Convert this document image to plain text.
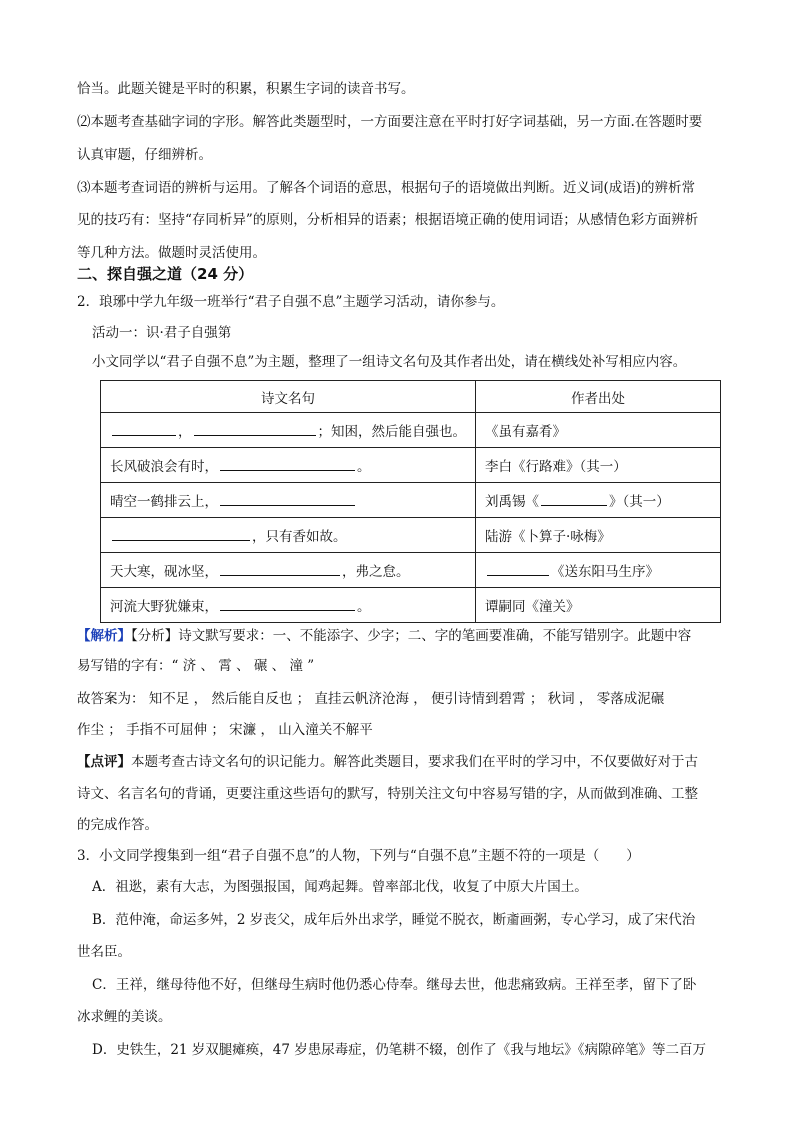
恰当。此题关键是平时的积累，积累生字词的读音书写。
⑵本题考查基础字词的字形。解答此类题型时，一方面要注意在平时打好字词基础，另一方面.在答题时要
认真审题，仔细辨析。
⑶本题考查词语的辨析与运用。了解各个词语的意思，根据句子的语境做出判断。近义词(成语)的辨析常
见的技巧有：坚持“存同析异”的原则，分析相异的语素；根据语境正确的使用词语；从感情色彩方面辨析
等几种方法。做题时灵活使用。
二、探自强之道（24 分）
2．琅琊中学九年级一班举行“君子自强不息”主题学习活动，请你参与。
活动一：识·君子自强第
小文同学以“君子自强不息”为主题，整理了一组诗文名句及其作者出处，请在横线处补写相应内容。
诗文名句	作者出处
， ；知困，然后能自强也。	《虽有嘉肴》
长风破浪会有时， 。	李白《行路难》（其一）
晴空一鹤排云上，	刘禹锡《 》（其一）
，只有香如故。	陆游《卜算子·咏梅》
天大寒，砚冰坚， ，弗之怠。	《送东阳马生序》
河流大野犹嫌束， 。	谭嗣同《潼关》
【解析】【分析】诗文默写要求：一、不能添字、少字；二、字的笔画要准确，不能写错别字。此题中容
易写错的字有：“ 济 、 霄 、 碾 、 潼 ”
故答案为： 知不足 ， 然后能自反也 ； 直挂云帆济沧海 ， 便引诗情到碧霄 ； 秋词 ， 零落成泥碾
作尘 ； 手指不可屈伸 ； 宋濂 ， 山入潼关不解平
【点评】本题考查古诗文名句的识记能力。解答此类题目，要求我们在平时的学习中，不仅要做好对于古
诗文、名言名句的背诵，更要注重这些语句的默写，特别关注文句中容易写错的字，从而做到准确、工整
的完成作答。
3．小文同学搜集到一组“君子自强不息”的人物，下列与“自强不息”主题不符的一项是（　　）
A．祖逖，素有大志，为图强报国，闻鸡起舞。曾率部北伐，收复了中原大片国土。
B．范仲淹，命运多舛，2 岁丧父，成年后外出求学，睡觉不脱衣，断齑画粥，专心学习，成了宋代治
世名臣。
C．王祥，继母待他不好，但继母生病时他仍悉心侍奉。继母去世，他悲痛致病。王祥至孝，留下了卧
冰求鲤的美谈。
D．史铁生，21 岁双腿瘫痪，47 岁患尿毒症，仍笔耕不辍，创作了《我与地坛》《病隙碎笔》等二百万
